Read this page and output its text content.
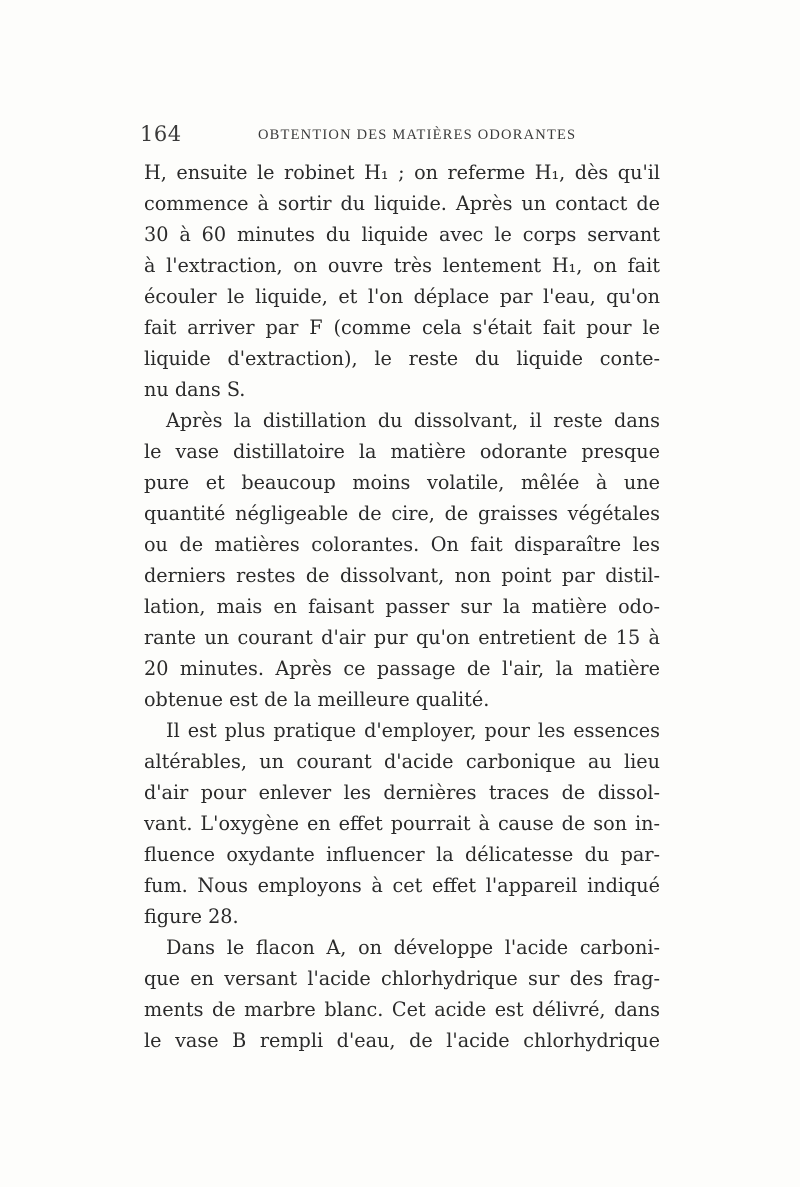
164	OBTENTION DES MATIÈRES ODORANTES
H, ensuite le robinet H₁ ; on referme H₁, dès qu'il
commence à sortir du liquide. Après un contact de
30 à 60 minutes du liquide avec le corps servant
à l'extraction, on ouvre très lentement H₁, on fait
écouler le liquide, et l'on déplace par l'eau, qu'on
fait arriver par F (comme cela s'était fait pour le
liquide d'extraction), le reste du liquide conte-
nu dans S.
Après la distillation du dissolvant, il reste dans
le vase distillatoire la matière odorante presque
pure et beaucoup moins volatile, mêlée à une
quantité négligeable de cire, de graisses végétales
ou de matières colorantes. On fait disparaître les
derniers restes de dissolvant, non point par distil-
lation, mais en faisant passer sur la matière odo-
rante un courant d'air pur qu'on entretient de 15 à
20 minutes. Après ce passage de l'air, la matière
obtenue est de la meilleure qualité.
Il est plus pratique d'employer, pour les essences
altérables, un courant d'acide carbonique au lieu
d'air pour enlever les dernières traces de dissol-
vant. L'oxygène en effet pourrait à cause de son in-
fluence oxydante influencer la délicatesse du par-
fum. Nous employons à cet effet l'appareil indiqué
figure 28.
Dans le flacon A, on développe l'acide carboni-
que en versant l'acide chlorhydrique sur des frag-
ments de marbre blanc. Cet acide est délivré, dans
le vase B rempli d'eau, de l'acide chlorhydrique
